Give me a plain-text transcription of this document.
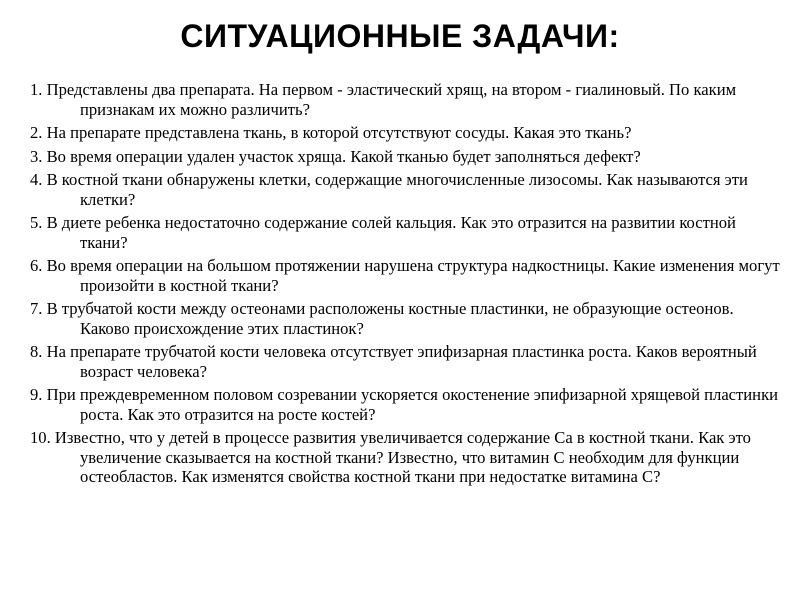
СИТУАЦИОННЫЕ ЗАДАЧИ:
1. Представлены два препарата. На первом - эластический хрящ, на втором - гиалиновый. По каким признакам их можно различить?
2. На препарате представлена ткань, в которой отсутствуют сосуды. Какая это ткань?
3. Во время операции удален участок хряща. Какой тканью будет заполняться дефект?
4. В костной ткани обнаружены клетки, содержащие многочисленные лизосомы. Как называются эти клетки?
5. В диете ребенка недостаточно содержание солей кальция. Как это отразится на развитии костной ткани?
6. Во время операции на большом протяжении нарушена структура надкостницы. Какие изменения могут произойти в костной ткани?
7. В трубчатой кости между остеонами расположены костные пластинки, не образующие остеонов. Каково происхождение этих пластинок?
8. На препарате трубчатой кости человека отсутствует эпифизарная пластинка роста. Каков вероятный возраст человека?
9. При преждевременном половом созревании ускоряется окостенение эпифизарной хрящевой пластинки роста. Как это отразится на росте костей?
10. Известно, что у детей в процессе развития увеличивается содержание Са в костной ткани. Как это увеличение сказывается на костной ткани? Известно, что витамин С необходим для функции остеобластов. Как изменятся свойства костной ткани при недостатке витамина С?
